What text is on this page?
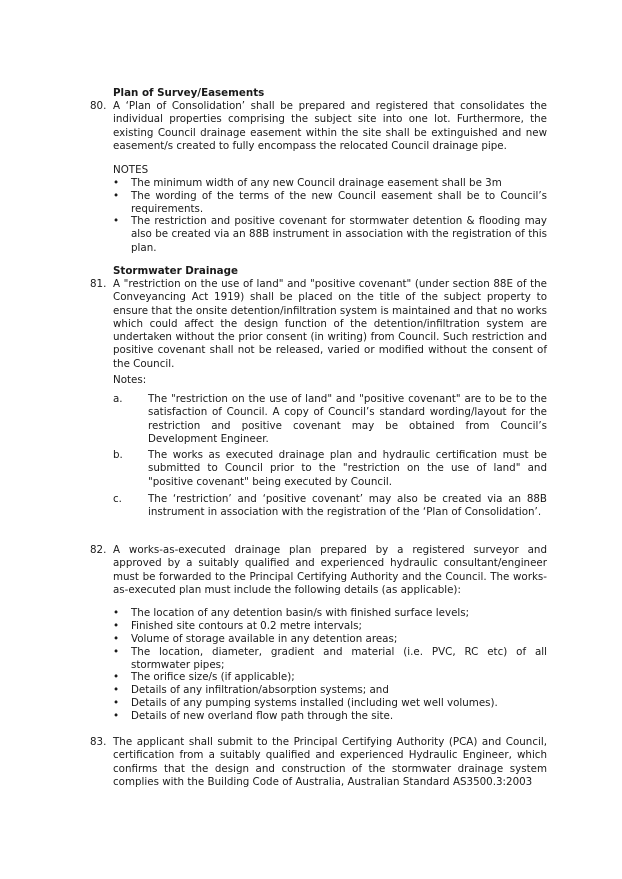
Plan of Survey/Easements
80. A ‘Plan of Consolidation’ shall be prepared and registered that consolidates the individual properties comprising the subject site into one lot. Furthermore, the existing Council drainage easement within the site shall be extinguished and new easement/s created to fully encompass the relocated Council drainage pipe.
NOTES
• The minimum width of any new Council drainage easement shall be 3m
• The wording of the terms of the new Council easement shall be to Council’s requirements.
• The restriction and positive covenant for stormwater detention & flooding may also be created via an 88B instrument in association with the registration of this plan.
Stormwater Drainage
81. A "restriction on the use of land" and "positive covenant" (under section 88E of the Conveyancing Act 1919) shall be placed on the title of the subject property to ensure that the onsite detention/infiltration system is maintained and that no works which could affect the design function of the detention/infiltration system are undertaken without the prior consent (in writing) from Council. Such restriction and positive covenant shall not be released, varied or modified without the consent of the Council.
Notes:
a. The "restriction on the use of land" and "positive covenant" are to be to the satisfaction of Council. A copy of Council’s standard wording/layout for the restriction and positive covenant may be obtained from Council’s Development Engineer.
b. The works as executed drainage plan and hydraulic certification must be submitted to Council prior to the "restriction on the use of land" and "positive covenant" being executed by Council.
c.	The ‘restriction’ and ‘positive covenant’ may also be created via an 88B instrument in association with the registration of the ‘Plan of Consolidation’.
82. A works-as-executed drainage plan prepared by a registered surveyor and approved by a suitably qualified and experienced hydraulic consultant/engineer must be forwarded to the Principal Certifying Authority and the Council. The works-as-executed plan must include the following details (as applicable):
• The location of any detention basin/s with finished surface levels;
• Finished site contours at 0.2 metre intervals;
• Volume of storage available in any detention areas;
• The location, diameter, gradient and material (i.e. PVC, RC etc) of all stormwater pipes;
• The orifice size/s (if applicable);
• Details of any infiltration/absorption systems; and
• Details of any pumping systems installed (including wet well volumes).
• Details of new overland flow path through the site.
83. The applicant shall submit to the Principal Certifying Authority (PCA) and Council, certification from a suitably qualified and experienced Hydraulic Engineer, which confirms that the design and construction of the stormwater drainage system complies with the Building Code of Australia, Australian Standard AS3500.3:2003
